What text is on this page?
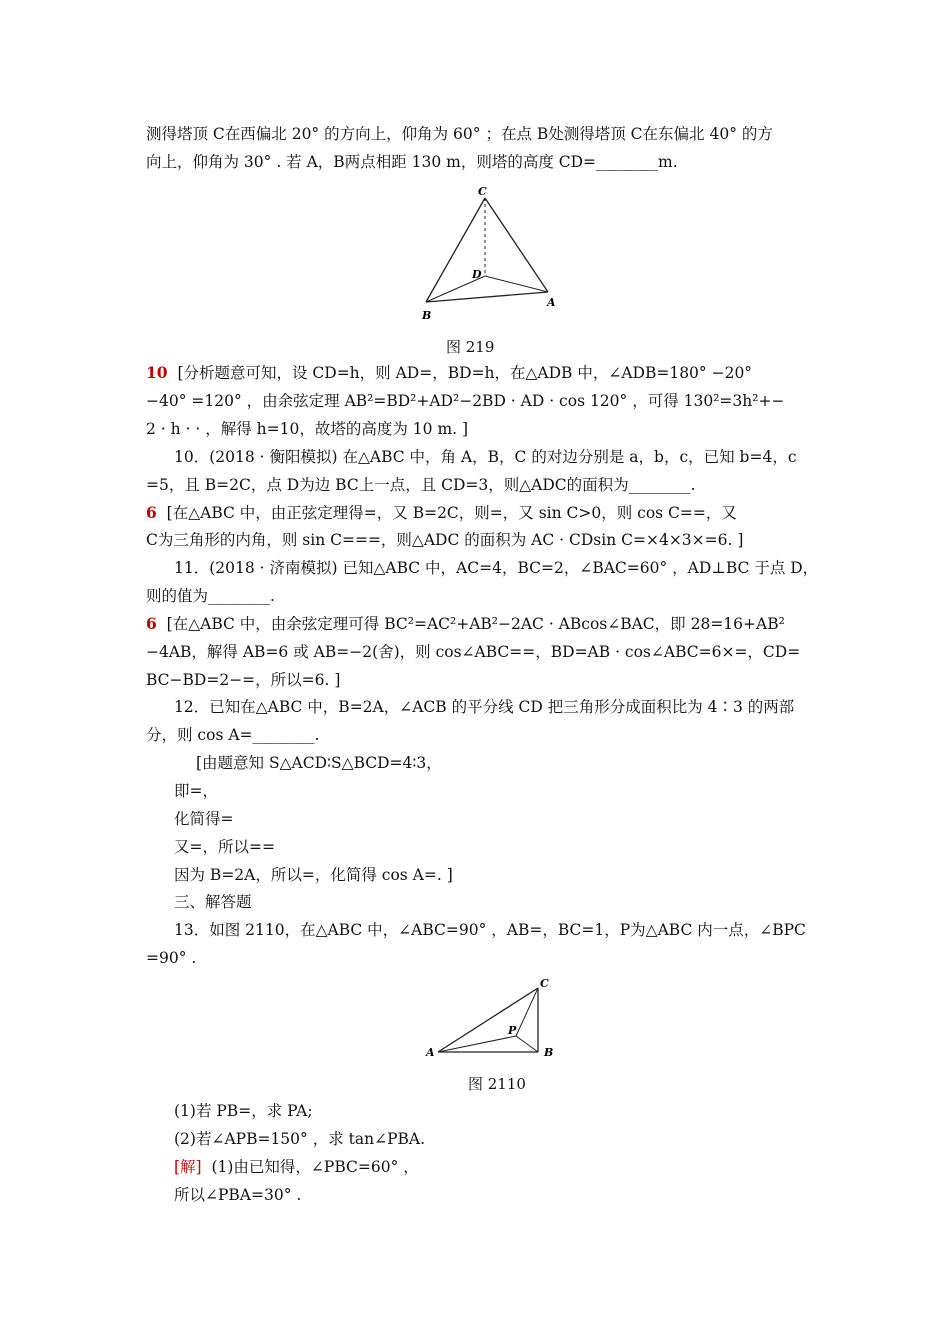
测得塔顶 C在西偏北 20° 的方向上，仰角为 60° ；在点 B处测得塔顶 C在东偏北 40° 的方
向上，仰角为 30° . 若 A，B两点相距 130 m，则塔的高度 CD=________m.
C
D
A
B
图 219
10 [分析题意可知，设 CD=h，则 AD=，BD=h，在△ADB 中，∠ADB=180° −20°
−40° =120° ，由余弦定理 AB²=BD²+AD²−2BD · AD · cos 120° ，可得 130²=3h²+−
2 · h · · ，解得 h=10，故塔的高度为 10 m. ]
10．(2018 · 衡阳模拟) 在△ABC 中，角 A，B，C 的对边分别是 a，b，c，已知 b=4，c
=5，且 B=2C，点 D为边 BC上一点，且 CD=3，则△ADC的面积为________.
6 [在△ABC 中，由正弦定理得=，又 B=2C，则=，又 sin C>0，则 cos C==，又
C为三角形的内角，则 sin C===，则△ADC 的面积为 AC · CDsin C=×4×3×=6. ]
11．(2018 · 济南模拟) 已知△ABC 中，AC=4，BC=2，∠BAC=60° ，AD⊥BC 于点 D，
则的值为________.
6 [在△ABC 中，由余弦定理可得 BC²=AC²+AB²−2AC · ABcos∠BAC，即 28=16+AB²
−4AB，解得 AB=6 或 AB=−2(舍)，则 cos∠ABC==，BD=AB · cos∠ABC=6×=，CD=
BC−BD=2−=，所以=6. ]
12．已知在△ABC 中，B=2A，∠ACB 的平分线 CD 把三角形分成面积比为 4∶3 的两部
分，则 cos A=________.
[由题意知 S△ACD∶S△BCD=4∶3，
即=，
化简得=
又=，所以==
因为 B=2A，所以=，化简得 cos A=. ]
三、解答题
13．如图 2110，在△ABC 中，∠ABC=90° ，AB=，BC=1，P为△ABC 内一点，∠BPC
=90° .
C
P
A	B
图 2110
(1)若 PB=，求 PA;
(2)若∠APB=150° ，求 tan∠PBA.
[解] (1)由已知得，∠PBC=60° ，
所以∠PBA=30° .
